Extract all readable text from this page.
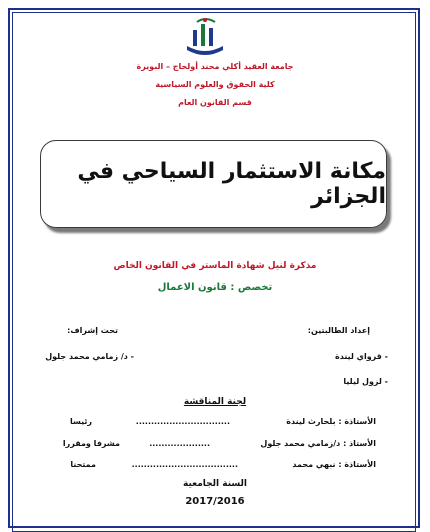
جامعة العقيد أكلي محند أولحاج – البويرة

كلية الحقوق والعلوم السياسية

قسم القانون العام

مكانة الاستثمار السياحي في الجزائر

مذكرة لنيل شهادة الماستر في القانون الخاص

تخصص : قانون الاعمال

إعداد الطالبتين:

تحت إشراف:

- قرواي ليندة

- د/ زمامي محمد جلول

- لزول ليليا

لجنة المناقشة

الأستاذة : بلحارث ليندة

...............................

رئيسا

الأستاذ : د/زمامي محمد جلول

....................

مشرفا ومقررا

الأستاذة : نبهي محمد

...................................

ممتحنا

السنة الجامعية

2017/2016
